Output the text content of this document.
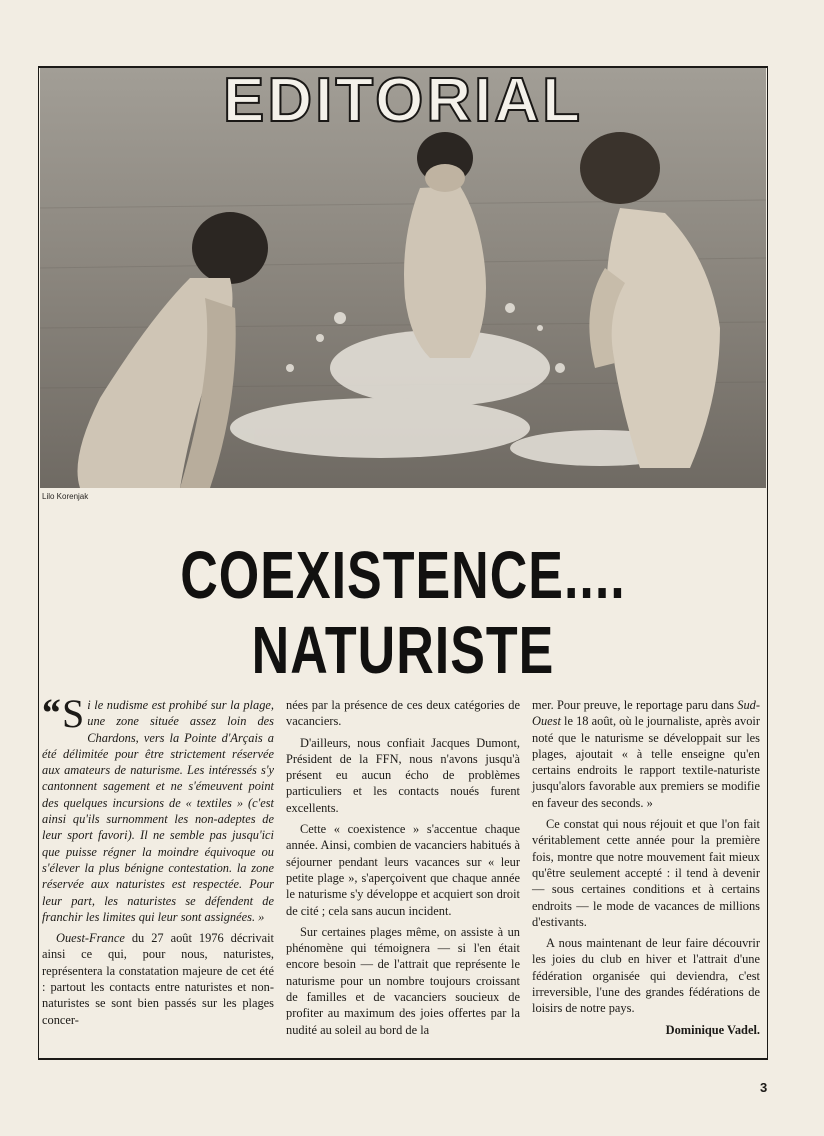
EDITORIAL
Lilo Korenjak
COEXISTENCE....
NATURISTE

“ S i le nudisme est prohibé sur la plage, une zone située assez loin des Chardons, vers la Pointe d'Arçais a été délimitée pour être strictement réservée aux amateurs de naturisme. Les intéressés s'y cantonnent sagement et ne s'émeuvent point des quelques incursions de « textiles » (c'est ainsi qu'ils surnomment les non-adeptes de leur sport favori). Il ne semble pas jusqu'ici que puisse régner la moindre équivoque ou s'élever la plus bénigne contestation. la zone réservée aux naturistes est respectée. Pour leur part, les naturistes se défendent de franchir les limites qui leur sont assignées. »

Ouest-France du 27 août 1976 décrivait ainsi ce qui, pour nous, naturistes, représentera la constatation majeure de cet été : partout les contacts entre naturistes et non-naturistes se sont bien passés sur les plages concer-

nées par la présence de ces deux catégories de vacanciers.

D'ailleurs, nous confiait Jacques Dumont, Président de la FFN, nous n'avons jusqu'à présent eu aucun écho de problèmes particuliers et les contacts noués furent excellents.

Cette « coexistence » s'accentue chaque année. Ainsi, combien de vacanciers habitués à séjourner pendant leurs vacances sur « leur petite plage », s'aperçoivent que chaque année le naturisme s'y développe et acquiert son droit de cité ; cela sans aucun incident.

Sur certaines plages même, on assiste à un phénomène qui témoignera — si l'en était encore besoin — de l'attrait que représente le naturisme pour un nombre toujours croissant de familles et de vacanciers soucieux de profiter au maximum des joies offertes par la nudité au soleil au bord de la

mer. Pour preuve, le reportage paru dans Sud-Ouest le 18 août, où le journaliste, après avoir noté que le naturisme se développait sur les plages, ajoutait « à telle enseigne qu'en certains endroits le rapport textile-naturiste jusqu'alors favorable aux premiers se modifie en faveur des seconds. »

Ce constat qui nous réjouit et que l'on fait véritablement cette année pour la première fois, montre que notre mouvement fait mieux qu'être seulement accepté : il tend à devenir — sous certaines conditions et à certains endroits — le mode de vacances de millions d'estivants.

A nous maintenant de leur faire découvrir les joies du club en hiver et l'attrait d'une fédération organisée qui deviendra, c'est irreversible, l'une des grandes fédérations de loisirs de notre pays.

Dominique Vadel.

3
